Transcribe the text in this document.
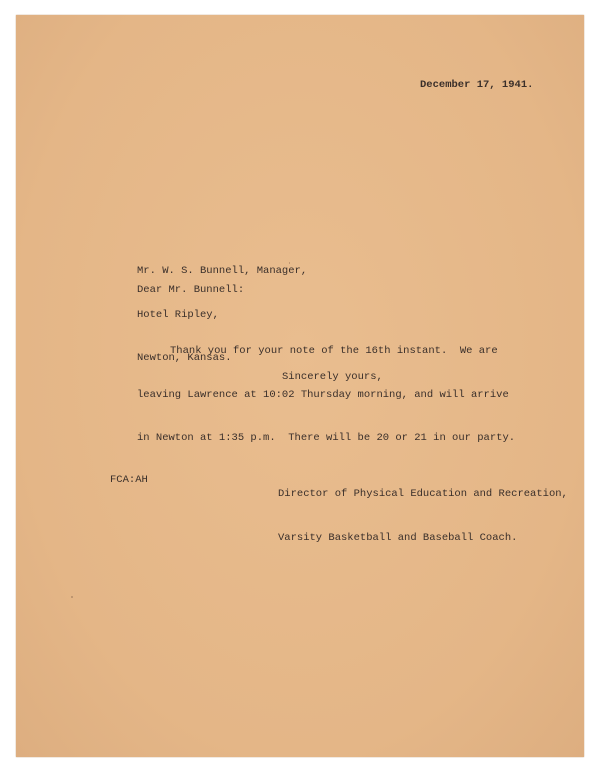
December 17, 1941.

Mr. W. S. Bunnell, Manager,

Hotel Ripley,

Newton, Kansas.

Dear Mr. Bunnell:

Thank you for your note of the 16th instant.  We are

leaving Lawrence at 10:02 Thursday morning, and will arrive

in Newton at 1:35 p.m.  There will be 20 or 21 in our party.

Sincerely yours,

Director of Physical Education and Recreation,

Varsity Basketball and Baseball Coach.

FCA:AH
